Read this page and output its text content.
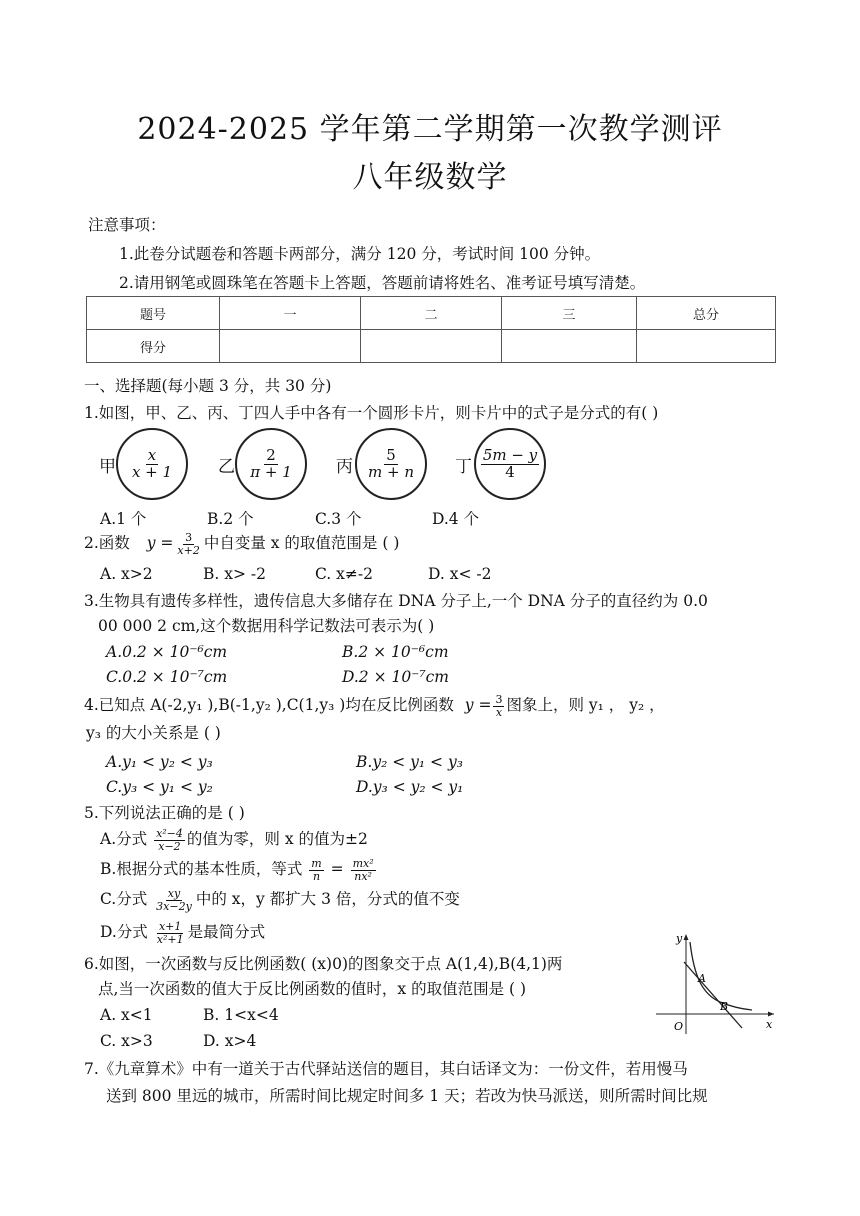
2024-2025 学年第二学期第一次教学测评
八年级数学
注意事项：
1.此卷分试题卷和答题卡两部分，满分 120 分，考试时间 100 分钟。
2.请用钢笔或圆珠笔在答题卡上答题，答题前请将姓名、准考证号填写清楚。
题号	一	二	三	总分
得分				
一、选择题(每小题 3 分，共 30 分)
1.如图，甲、乙、丙、丁四人手中各有一个圆形卡片，则卡片中的式子是分式的有( )
甲 $\frac{x}{x + 1}$	乙 $\frac{2}{\pi + 1}$ 丙 $\frac{5}{m + n}$ 丁 $\frac{5m - y}{4}$
A.1 个	B.2 个	C.3 个	D.4 个
2.函数 $y = \frac{3}{x+2}$ 中自变量 x 的取值范围是 ( )
A. x>2	B. x> -2	C. x≠-2	D. x< -2
3.生物具有遗传多样性，遗传信息大多储存在 DNA 分子上,一个 DNA 分子的直径约为 0.0
00 000 2 cm,这个数据用科学记数法可表示为( )
A.0.2 × 10⁻⁶cm	B.2 × 10⁻⁶cm
C.0.2 × 10⁻⁷cm	D.2 × 10⁻⁷cm
4.已知点 A(-2,y₁ ),B(-1,y₂ ),C(1,y₃ )均在反比例函数 $y = \frac{3}{x}$ 图象上，则 y₁ ， y₂ ，
y₃ 的大小关系是 ( )
A.y₁ < y₂ < y₃	B.y₂ < y₁ < y₃
C.y₃ < y₁ < y₂	D.y₃ < y₂ < y₁
5.下列说法正确的是 ( )
A.分式 $\frac{\text{x²−4}}{x-2}$ 的值为零，则 x 的值为±2
B.根据分式的基本性质，等式 $\frac{m}{n} = \frac{\text{mx²}}{\text{nx²}}$
C.分式 $\frac{xy}{3x-2y}$ 中的 x，y 都扩大 3 倍，分式的值不变
D.分式 $\frac{x+1}{\text{x²+1}}$ 是最简分式
6.如图，一次函数与反比例函数( (x)0)的图象交于点 A(1,4),B(4,1)两
点,当一次函数的值大于反比例函数的值时，x 的取值范围是 ( )
A. x<1	B. 1<x<4
C. x>3	D. x>4
y
x
O
A
B
7.《九章算术》中有一道关于古代驿站送信的题目，其白话译文为：一份文件，若用慢马
送到 800 里远的城市，所需时间比规定时间多 1 天；若改为快马派送，则所需时间比规
